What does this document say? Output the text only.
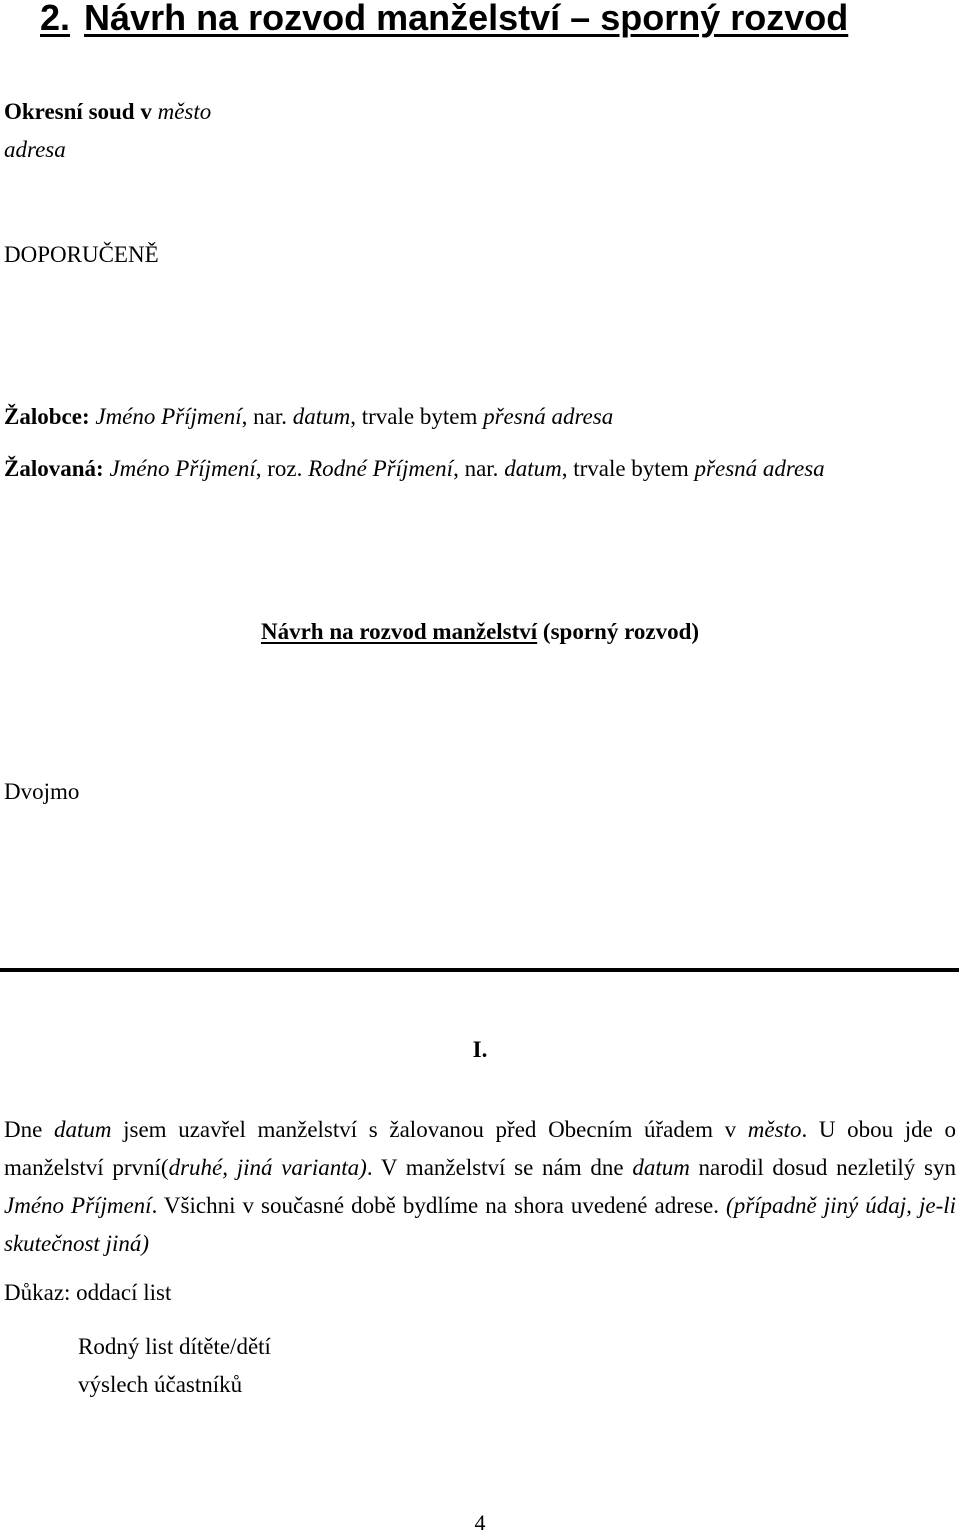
2. Návrh na rozvod manželství – sporný rozvod

Okresní soud v město

adresa

DOPORUČENĚ

Žalobce: Jméno Příjmení, nar. datum, trvale bytem přesná adresa

Žalovaná: Jméno Příjmení, roz. Rodné Příjmení, nar. datum, trvale bytem přesná adresa

Návrh na rozvod manželství (sporný rozvod)

Dvojmo

I.

Dne datum jsem uzavřel manželství s žalovanou před Obecním úřadem v město. U obou jde o manželství první(druhé, jiná varianta). V manželství se nám dne datum narodil dosud nezletilý syn Jméno Příjmení. Všichni v současné době bydlíme na shora uvedené adrese. (případně jiný údaj, je-li skutečnost jiná)

Důkaz: oddací list

Rodný list dítěte/dětí

výslech účastníků

4
